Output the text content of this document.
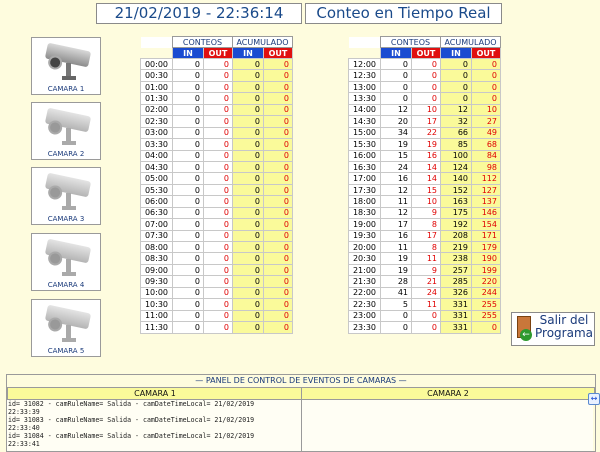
21/02/2019 - 22:36:14	Conteo en Tiempo Real
CAMARA 1
CAMARA 2
CAMARA 3
CAMARA 4
CAMARA 5
	CONTEOS		ACUMULADO	
	IN	OUT	IN	OUT
00:00	0	0	0	0
00:30	0	0	0	0
01:00	0	0	0	0
01:30	0	0	0	0
02:00	0	0	0	0
02:30	0	0	0	0
03:00	0	0	0	0
03:30	0	0	0	0
04:00	0	0	0	0
04:30	0	0	0	0
05:00	0	0	0	0
05:30	0	0	0	0
06:00	0	0	0	0
06:30	0	0	0	0
07:00	0	0	0	0
07:30	0	0	0	0
08:00	0	0	0	0
08:30	0	0	0	0
09:00	0	0	0	0
09:30	0	0	0	0
10:00	0	0	0	0
10:30	0	0	0	0
11:00	0	0	0	0
11:30	0	0	0	0
	CONTEOS		ACUMULADO	
	IN	OUT	IN	OUT
12:00	0	0	0	0
12:30	0	0	0	0
13:00	0	0	0	0
13:30	0	0	0	0
14:00	12	10	12	10
14:30	20	17	32	27
15:00	34	22	66	49
15:30	19	19	85	68
16:00	15	16	100	84
16:30	24	14	124	98
17:00	16	14	140	112
17:30	12	15	152	127
18:00	11	10	163	137
18:30	12	9	175	146
19:00	17	8	192	154
19:30	16	17	208	171
20:00	11	8	219	179
20:30	19	11	238	190
21:00	19	9	257	199
21:30	28	21	285	220
22:00	41	24	326	244
22:30	5	11	331	255
23:00	0	0	331	255
23:30	0	0	331	0
←
Salir del
Programa
— PANEL DE CONTROL DE EVENTOS DE CAMARAS —
CAMARA 1	CAMARA 2
id= 31082 - camRuleName= Salida - camDateTimeLocal= 21/02/2019
22:33:39
id= 31083 - camRuleName= Salida - camDateTimeLocal= 21/02/2019
22:33:40
id= 31084 - camRuleName= Salida - camDateTimeLocal= 21/02/2019
22:33:41
↔
